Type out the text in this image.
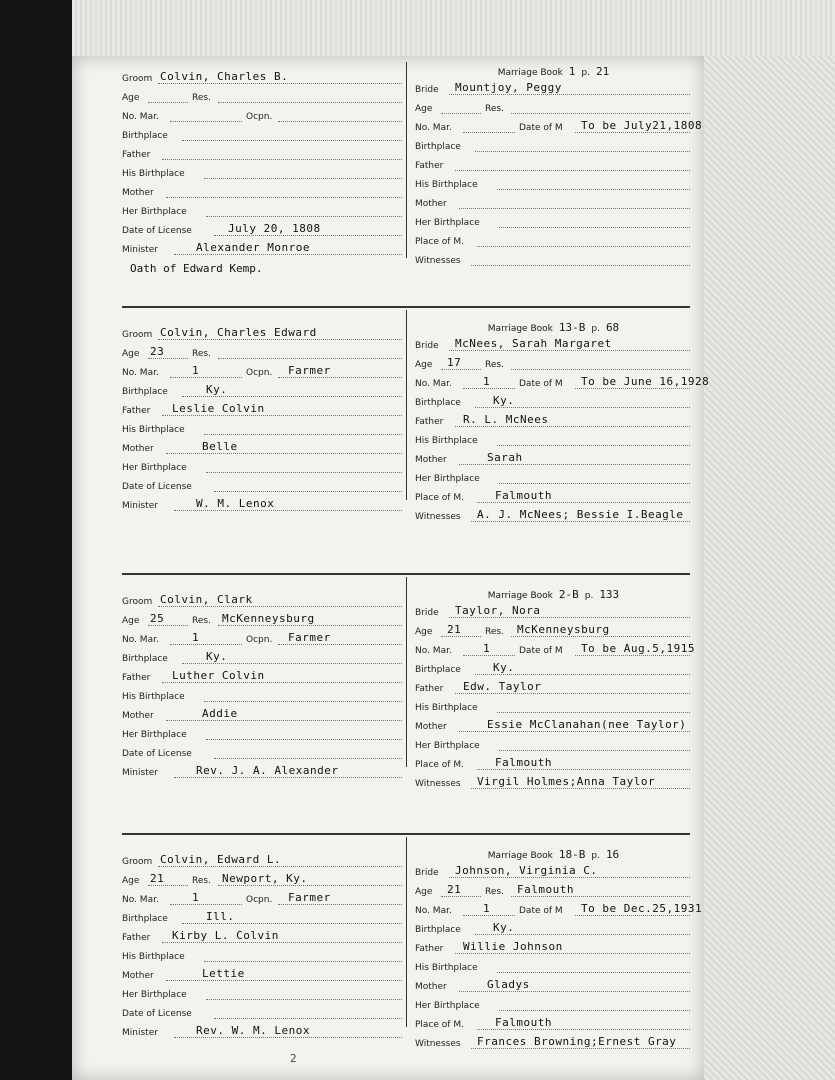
Groom Colvin, Charles B.
Age	Res.
No. Mar.	Ocpn.
Birthplace
Father
His Birthplace
Mother
Her Birthplace
Date of License	July 20, 1808
Minister	Alexander Monroe
Marriage Book 1 p. 21
Bride Mountjoy, Peggy
Age	Res.
No. Mar.	Date of M To be July21,1808
Birthplace
Father
His Birthplace
Mother
Her Birthplace
Place of M.
Witnesses
Oath of Edward Kemp.
Groom Colvin, Charles Edward
Age 23	Res.
No. Mar.	1	Ocpn. Farmer
Birthplace	Ky.
Father Leslie Colvin
His Birthplace
Mother	Belle
Her Birthplace
Date of License
Minister	W. M. Lenox
Marriage Book 13-B p. 68
Bride McNees, Sarah Margaret
Age 17	Res.
No. Mar.	1	Date of M To be June 16,1928
Birthplace	Ky.
Father R. L. McNees
His Birthplace
Mother	Sarah
Her Birthplace
Place of M.	Falmouth
Witnesses A. J. McNees; Bessie I.Beagle
Groom Colvin, Clark
Age 25	Res. McKenneysburg
No. Mar.	1	Ocpn. Farmer
Birthplace	Ky.
Father Luther Colvin
His Birthplace
Mother	Addie
Her Birthplace
Date of License
Minister	Rev. J. A. Alexander
Marriage Book 2-B p. 133
Bride Taylor, Nora
Age 21	Res. McKenneysburg
No. Mar.	1	Date of M To be Aug.5,1915
Birthplace	Ky.
Father Edw. Taylor
His Birthplace
Mother	Essie McClanahan(nee Taylor)
Her Birthplace
Place of M.	Falmouth
Witnesses Virgil Holmes;Anna Taylor
Groom Colvin, Edward L.
Age 21	Res. Newport, Ky.
No. Mar.	1	Ocpn. Farmer
Birthplace	Ill.
Father Kirby L. Colvin
His Birthplace
Mother	Lettie
Her Birthplace
Date of License
Minister	Rev. W. M. Lenox
Marriage Book 18-B p. 16
Bride Johnson, Virginia C.
Age 21	Res. Falmouth
No. Mar.	1	Date of M To be Dec.25,1931
Birthplace	Ky.
Father Willie Johnson
His Birthplace
Mother	Gladys
Her Birthplace
Place of M.	Falmouth
Witnesses Frances Browning;Ernest Gray
2
